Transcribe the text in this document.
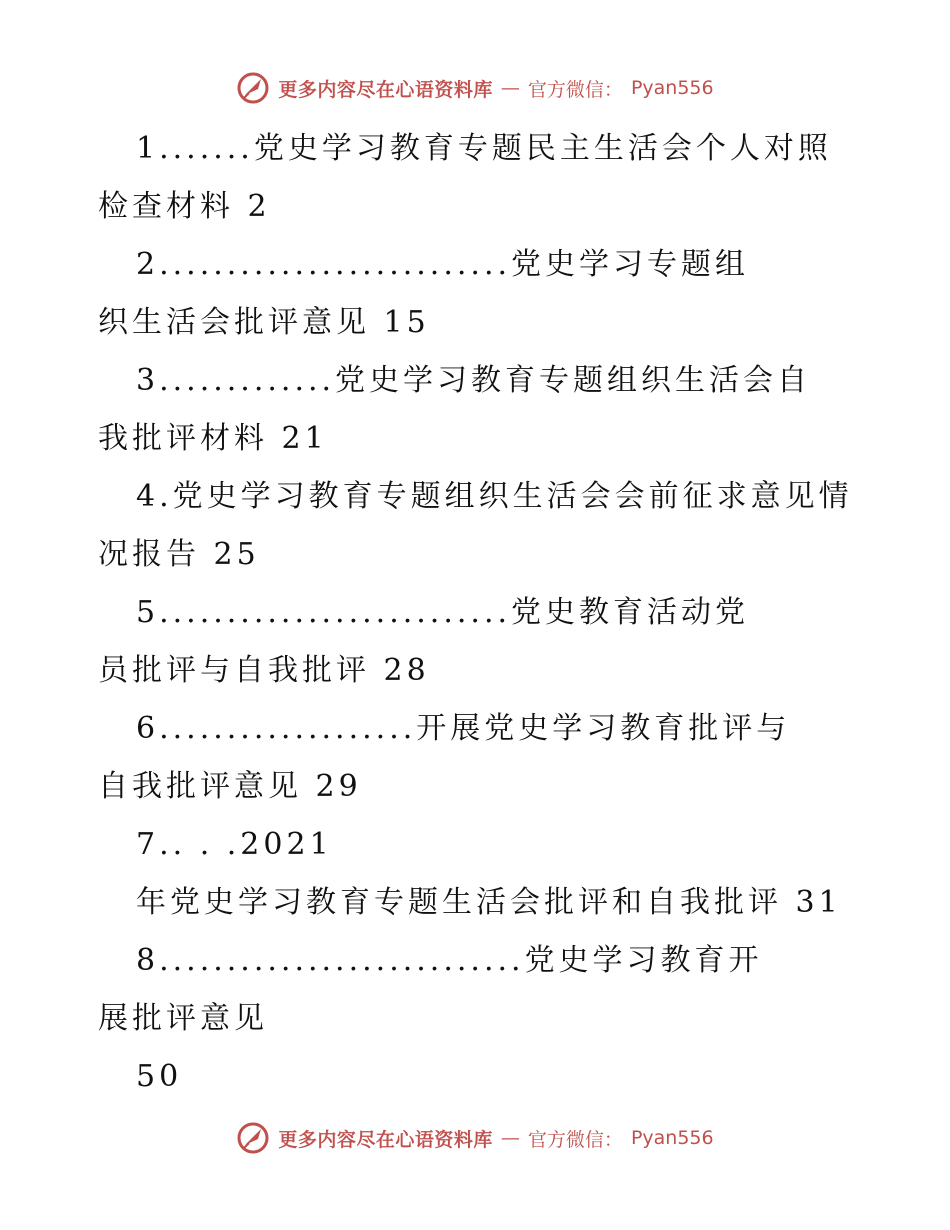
更多内容尽在心语资料库 — 官方微信： Pyan556
1.......党史学习教育专题民主生活会个人对照
检查材料 2
2..........................党史学习专题组
织生活会批评意见 15
3.............党史学习教育专题组织生活会自
我批评材料 21
4.党史学习教育专题组织生活会会前征求意见情
况报告 25
5..........................党史教育活动党
员批评与自我批评 28
6...................开展党史学习教育批评与
自我批评意见 29
7.. . .2021
年党史学习教育专题生活会批评和自我批评 31
8...........................党史学习教育开
展批评意见
50
更多内容尽在心语资料库 — 官方微信： Pyan556
